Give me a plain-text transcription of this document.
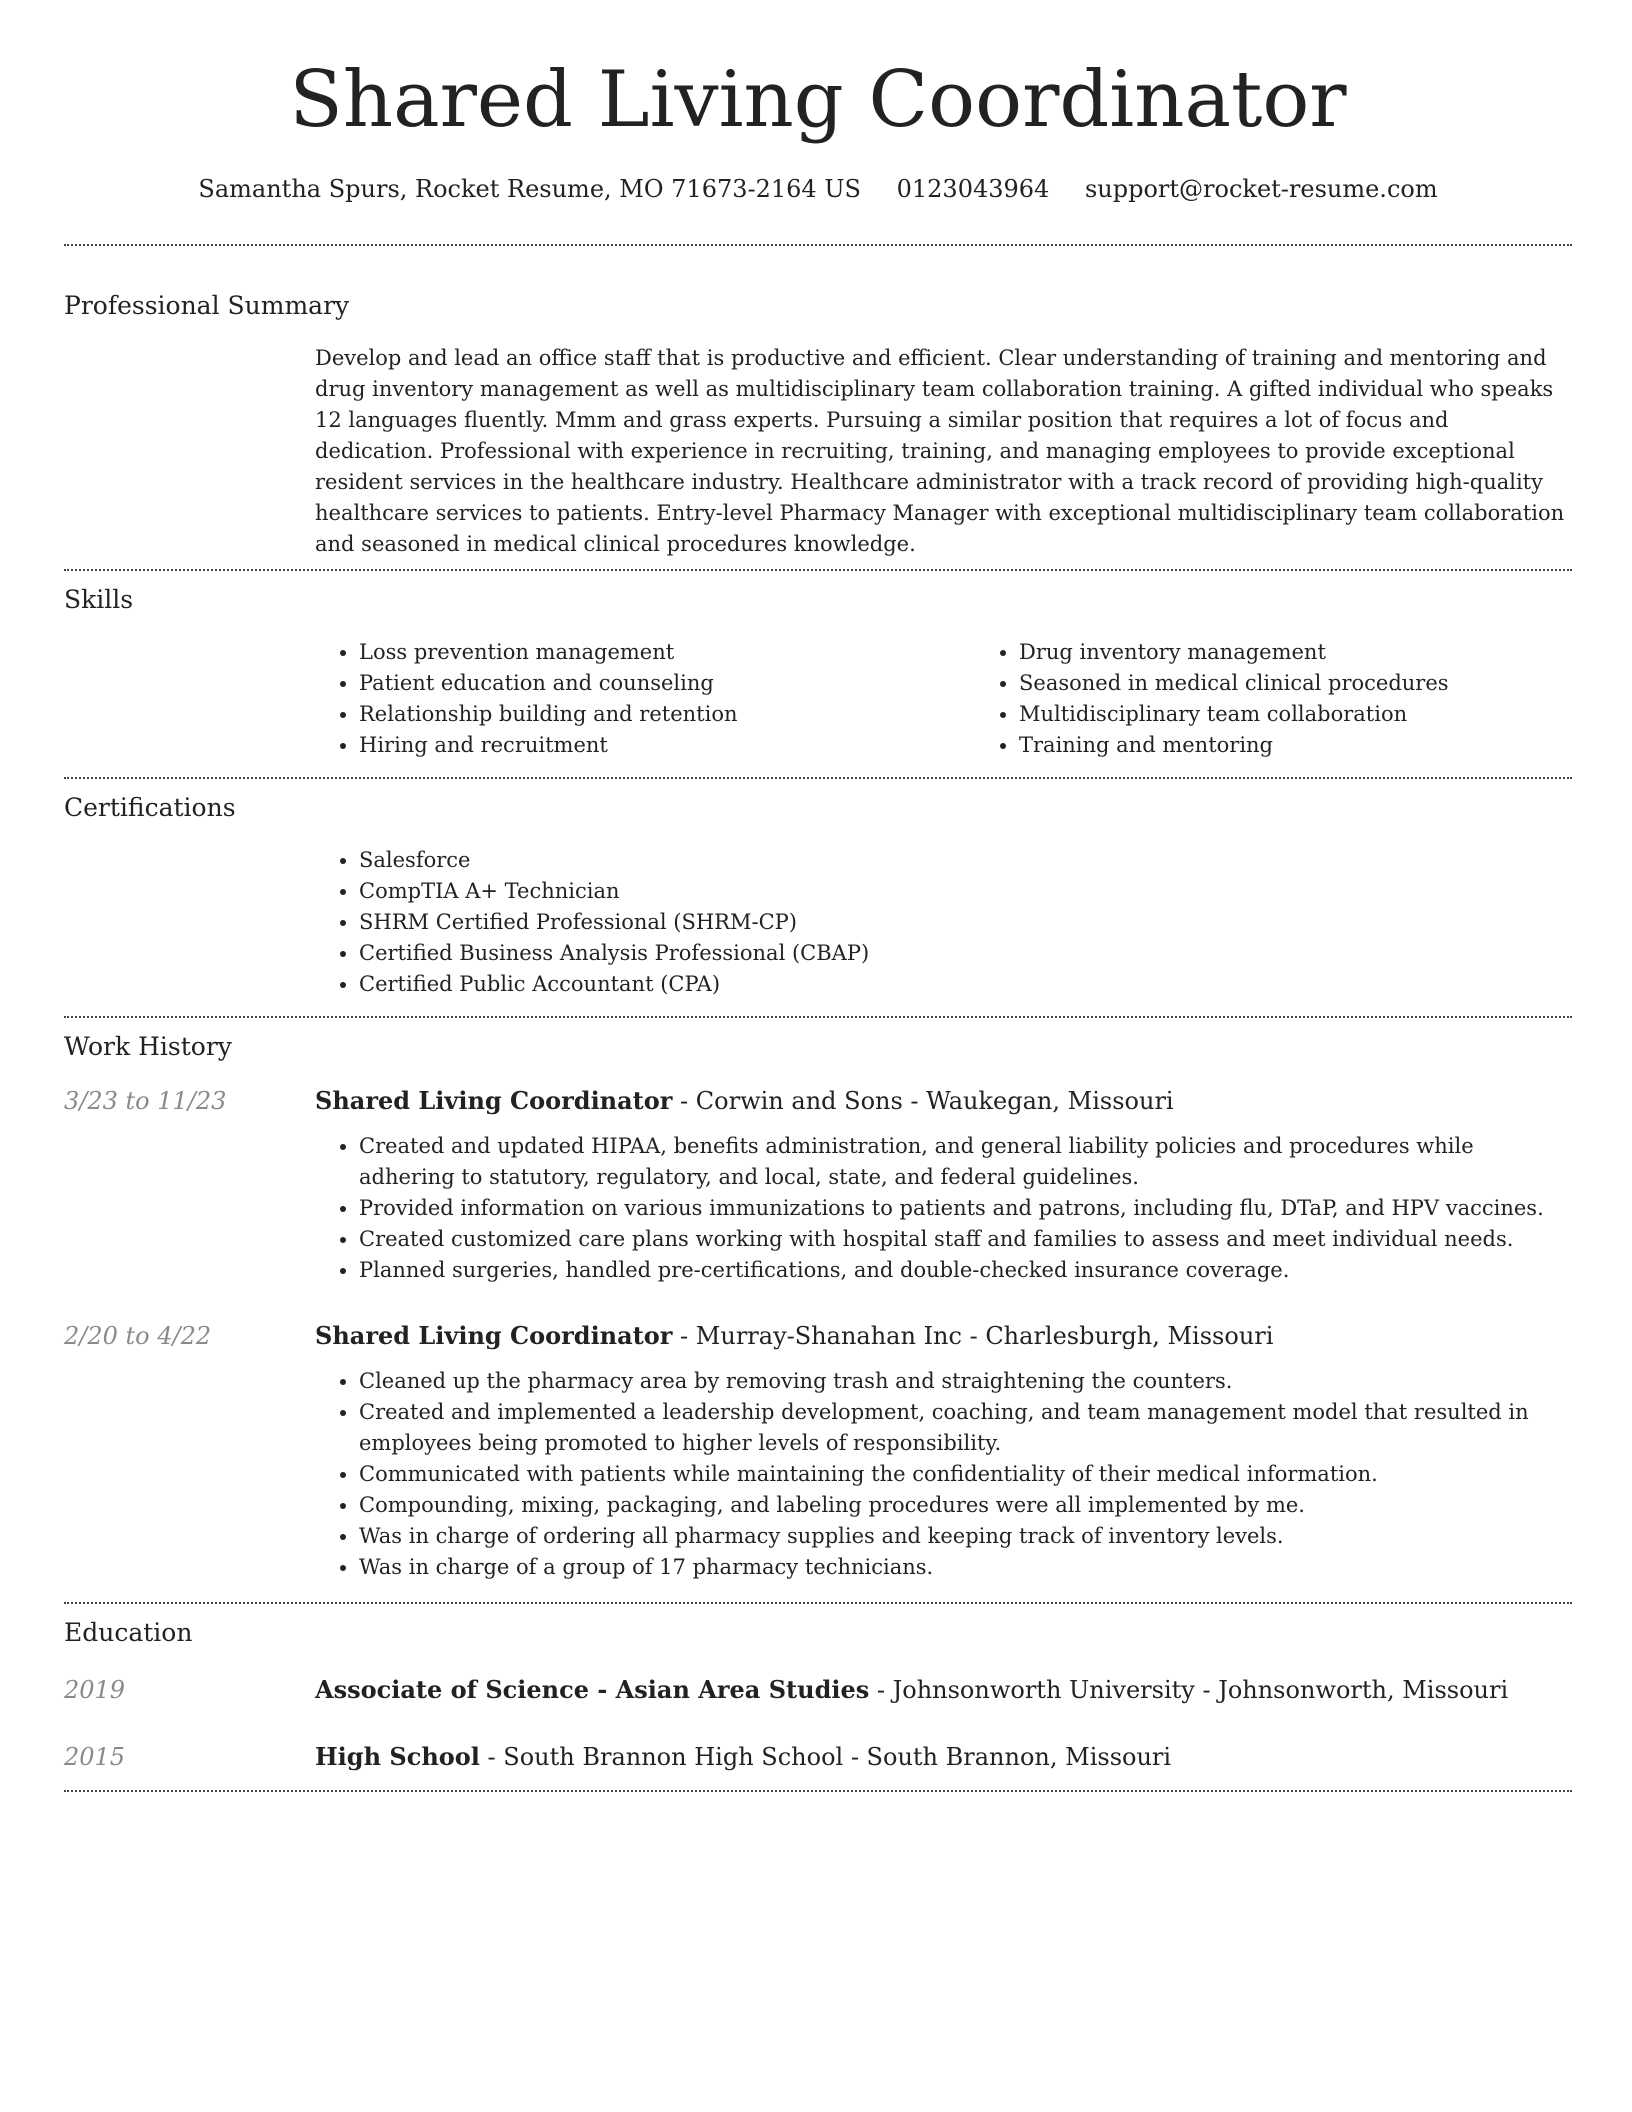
Shared Living Coordinator
Samantha Spurs, Rocket Resume, MO 71673-2164 US 0123043964 support@rocket-resume.com
Professional Summary

Develop and lead an office staff that is productive and efficient. Clear understanding of training and mentoring and drug inventory management as well as multidisciplinary team collaboration training. A gifted individual who speaks 12 languages fluently. Mmm and grass experts. Pursuing a similar position that requires a lot of focus and dedication. Professional with experience in recruiting, training, and managing employees to provide exceptional resident services in the healthcare industry. Healthcare administrator with a track record of providing high-quality healthcare services to patients. Entry-level Pharmacy Manager with exceptional multidisciplinary team collaboration and seasoned in medical clinical procedures knowledge.

Skills
• Loss prevention management
• Patient education and counseling
• Relationship building and retention
• Hiring and recruitment
• Drug inventory management
• Seasoned in medical clinical procedures
• Multidisciplinary team collaboration
• Training and mentoring
Certifications
• Salesforce
• CompTIA A+ Technician
• SHRM Certified Professional (SHRM-CP)
• Certified Business Analysis Professional (CBAP)
• Certified Public Accountant (CPA)
Work History
3/23 to 11/23	Shared Living Coordinator - Corwin and Sons - Waukegan, Missouri
• Created and updated HIPAA, benefits administration, and general liability policies and procedures while adhering to statutory, regulatory, and local, state, and federal guidelines.
• Provided information on various immunizations to patients and patrons, including flu, DTaP, and HPV vaccines.
• Created customized care plans working with hospital staff and families to assess and meet individual needs.
• Planned surgeries, handled pre-certifications, and double-checked insurance coverage.
2/20 to 4/22	Shared Living Coordinator - Murray-Shanahan Inc - Charlesburgh, Missouri
• Cleaned up the pharmacy area by removing trash and straightening the counters.
• Created and implemented a leadership development, coaching, and team management model that resulted in employees being promoted to higher levels of responsibility.
• Communicated with patients while maintaining the confidentiality of their medical information.
• Compounding, mixing, packaging, and labeling procedures were all implemented by me.
• Was in charge of ordering all pharmacy supplies and keeping track of inventory levels.
• Was in charge of a group of 17 pharmacy technicians.
Education
2019	Associate of Science - Asian Area Studies - Johnsonworth University - Johnsonworth, Missouri
2015	High School - South Brannon High School - South Brannon, Missouri
